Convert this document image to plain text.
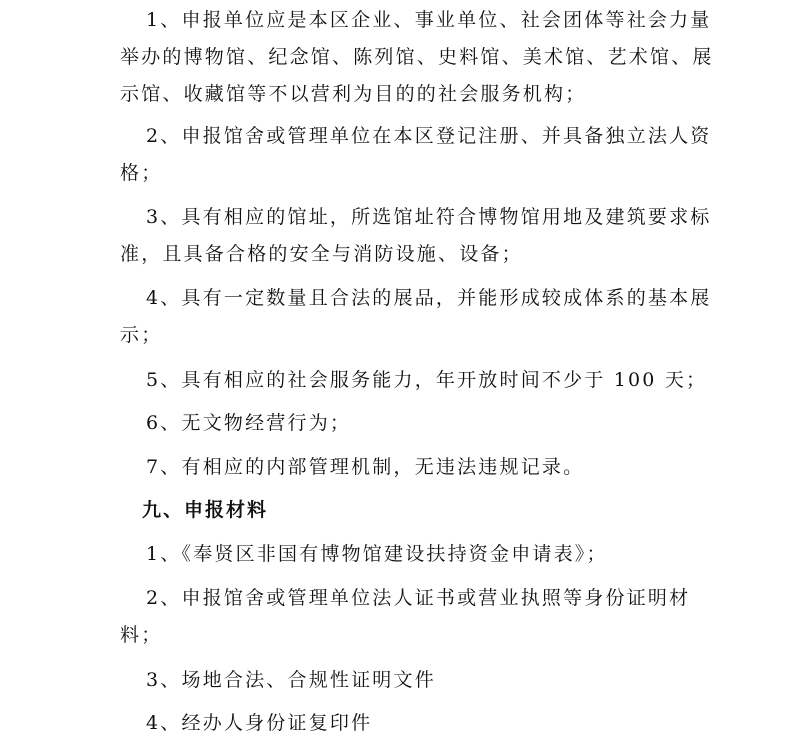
1、申报单位应是本区企业、事业单位、社会团体等社会力量
举办的博物馆、纪念馆、陈列馆、史料馆、美术馆、艺术馆、展
示馆、收藏馆等不以营利为目的的社会服务机构；
2、申报馆舍或管理单位在本区登记注册、并具备独立法人资
格；
3、具有相应的馆址，所选馆址符合博物馆用地及建筑要求标
准，且具备合格的安全与消防设施、设备；
4、具有一定数量且合法的展品，并能形成较成体系的基本展
示；
5、具有相应的社会服务能力，年开放时间不少于 100 天；
6、无文物经营行为；
7、有相应的内部管理机制，无违法违规记录。
九、申报材料
1、《奉贤区非国有博物馆建设扶持资金申请表》；
2、申报馆舍或管理单位法人证书或营业执照等身份证明材
料；
3、场地合法、合规性证明文件
4、经办人身份证复印件
